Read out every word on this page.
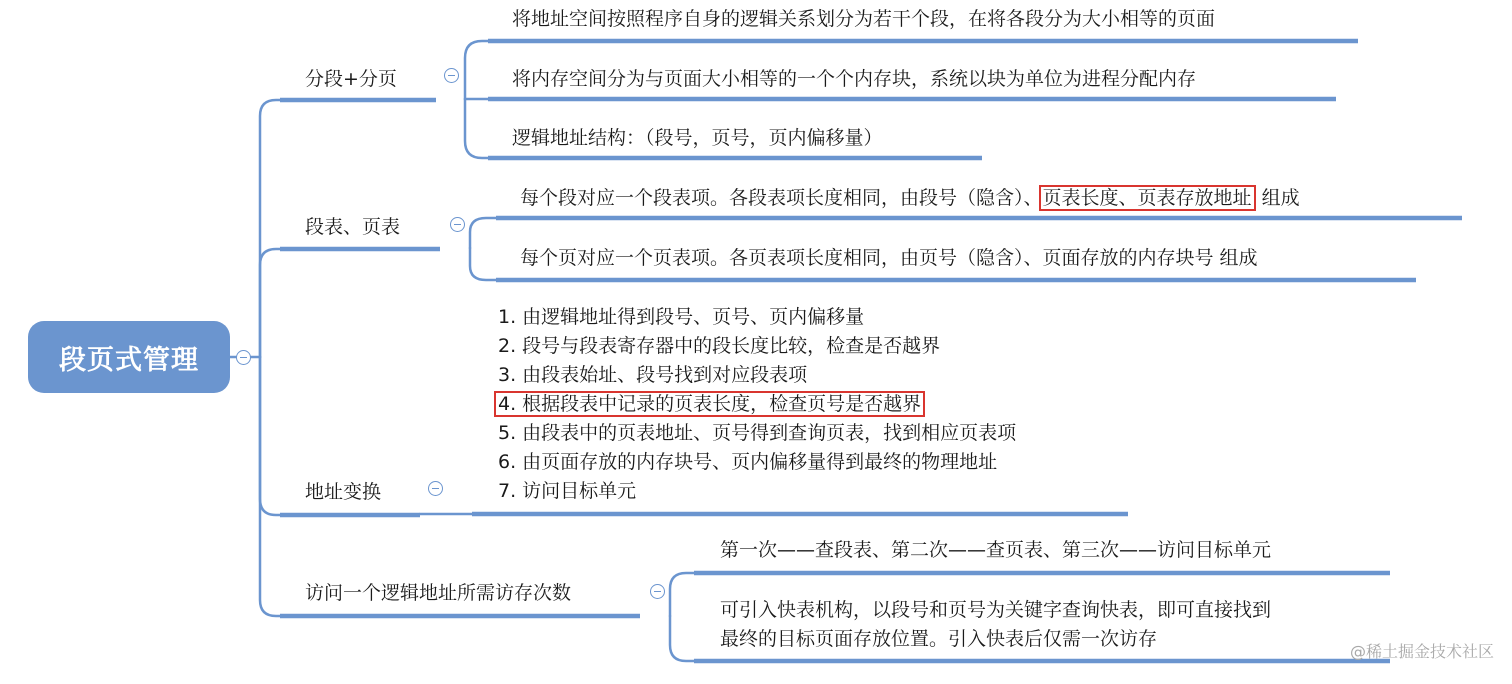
段页式管理
分段+分页
将地址空间按照程序自身的逻辑关系划分为若干个段，在将各段分为大小相等的页面
将内存空间分为与页面大小相等的一个个内存块，系统以块为单位为进程分配内存
逻辑地址结构：（段号，页号，页内偏移量）
段表、页表
每个段对应一个段表项。各段表项长度相同，由段号（隐含）、页表长度、页表存放地址 组成
每个页对应一个页表项。各页表项长度相同，由页号（隐含）、页面存放的内存块号 组成
地址变换
1. 由逻辑地址得到段号、页号、页内偏移量
2. 段号与段表寄存器中的段长度比较，检查是否越界
3. 由段表始址、段号找到对应段表项
4. 根据段表中记录的页表长度，检查页号是否越界
5. 由段表中的页表地址、页号得到查询页表，找到相应页表项
6. 由页面存放的内存块号、页内偏移量得到最终的物理地址
7. 访问目标单元
访问一个逻辑地址所需访存次数
第一次——查段表、第二次——查页表、第三次——访问目标单元
可引入快表机构，以段号和页号为关键字查询快表，即可直接找到
最终的目标页面存放位置。引入快表后仅需一次访存
@稀土掘金技术社区
